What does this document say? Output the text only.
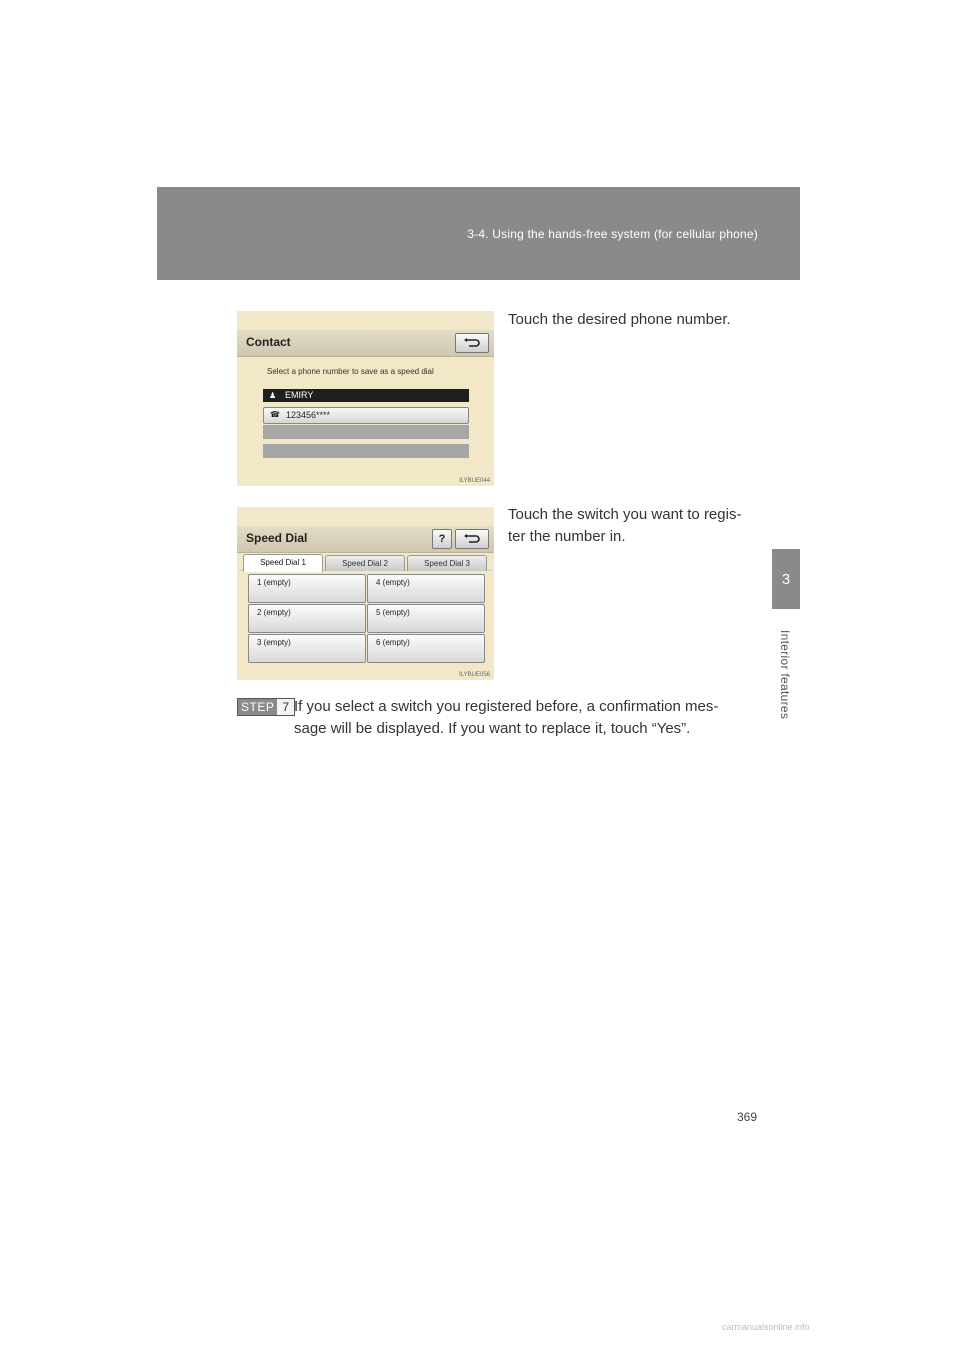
3-4. Using the hands-free system (for cellular phone)
3
Interior features
Contact
Select a phone number to save as a speed dial
♟ EMIRY
☎ 123456****
ILYBUE044
Touch the desired phone number.
Speed Dial	?
Speed Dial 1	Speed Dial 2	Speed Dial 3
1 (empty)
2 (empty)
3 (empty)
4 (empty)
5 (empty)
6 (empty)
ILYBUE056
Touch the switch you want to regis-
ter the number in.
STEP 7 If you select a switch you registered before, a confirmation mes-
sage will be displayed. If you want to replace it, touch “Yes”.
369
carmanualsonline.info
